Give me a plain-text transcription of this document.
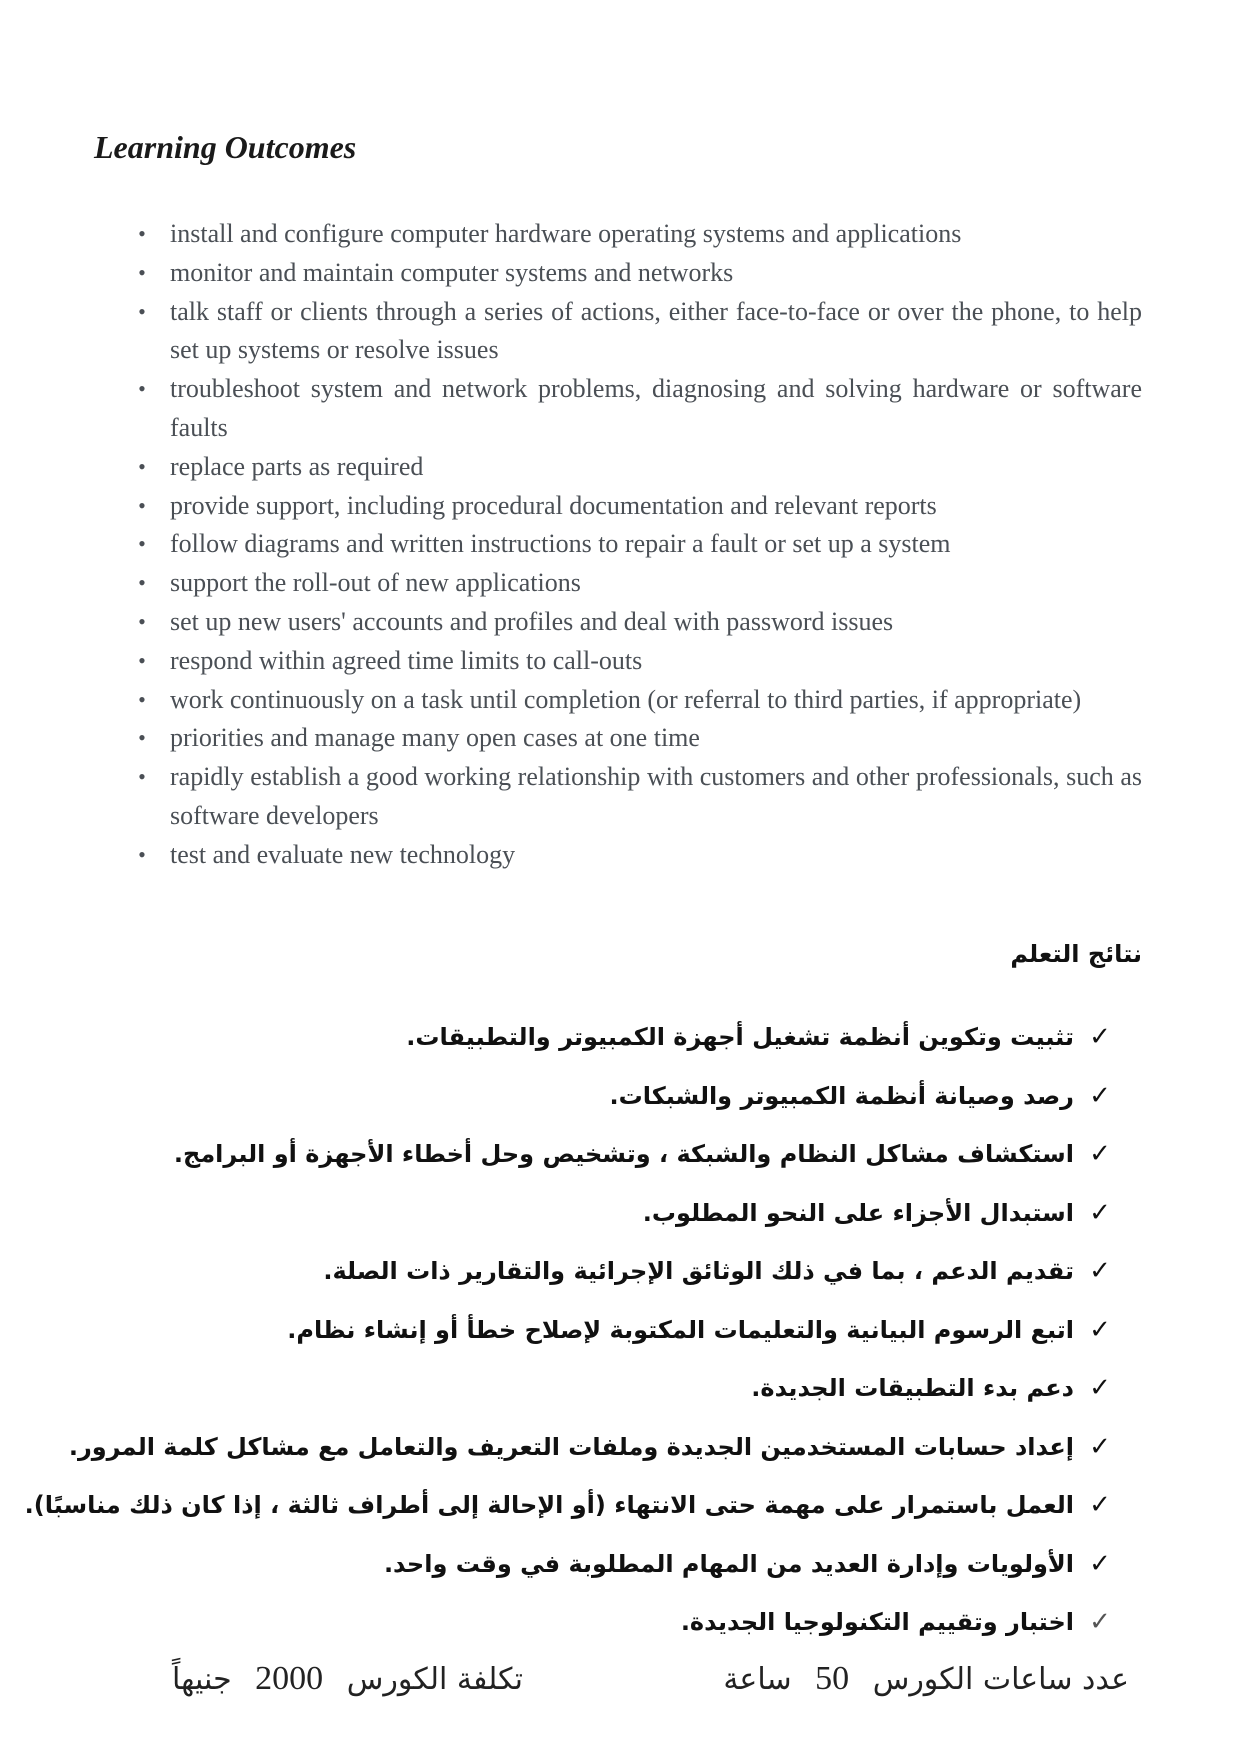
Learning Outcomes
• install and configure computer hardware operating systems and applications
• monitor and maintain computer systems and networks
• talk staff or clients through a series of actions, either face-to-face or over the phone, to help set up systems or resolve issues
• troubleshoot system and network problems, diagnosing and solving hardware or software faults
• replace parts as required
• provide support, including procedural documentation and relevant reports
• follow diagrams and written instructions to repair a fault or set up a system
• support the roll-out of new applications
• set up new users' accounts and profiles and deal with password issues
• respond within agreed time limits to call-outs
• work continuously on a task until completion (or referral to third parties, if appropriate)
• priorities and manage many open cases at one time
• rapidly establish a good working relationship with customers and other professionals, such as software developers
• test and evaluate new technology
نتائج التعلم
✓
تثبيت وتكوين أنظمة تشغيل أجهزة الكمبيوتر والتطبيقات.
✓
رصد وصيانة أنظمة الكمبيوتر والشبكات.
✓
استكشاف مشاكل النظام والشبكة ، وتشخيص وحل أخطاء الأجهزة أو البرامج.
✓
استبدال الأجزاء على النحو المطلوب.
✓
تقديم الدعم ، بما في ذلك الوثائق الإجرائية والتقارير ذات الصلة.
✓
اتبع الرسوم البيانية والتعليمات المكتوبة لإصلاح خطأ أو إنشاء نظام.
✓
دعم بدء التطبيقات الجديدة.
✓
إعداد حسابات المستخدمين الجديدة وملفات التعريف والتعامل مع مشاكل كلمة المرور.
✓
العمل باستمرار على مهمة حتى الانتهاء (أو الإحالة إلى أطراف ثالثة ، إذا كان ذلك مناسبًا).
✓
الأولويات وإدارة العديد من المهام المطلوبة في وقت واحد.
✓
اختبار وتقييم التكنولوجيا الجديدة.
عدد ساعات الكورس 50 ساعة
تكلفة الكورس 2000 جنيهاً
